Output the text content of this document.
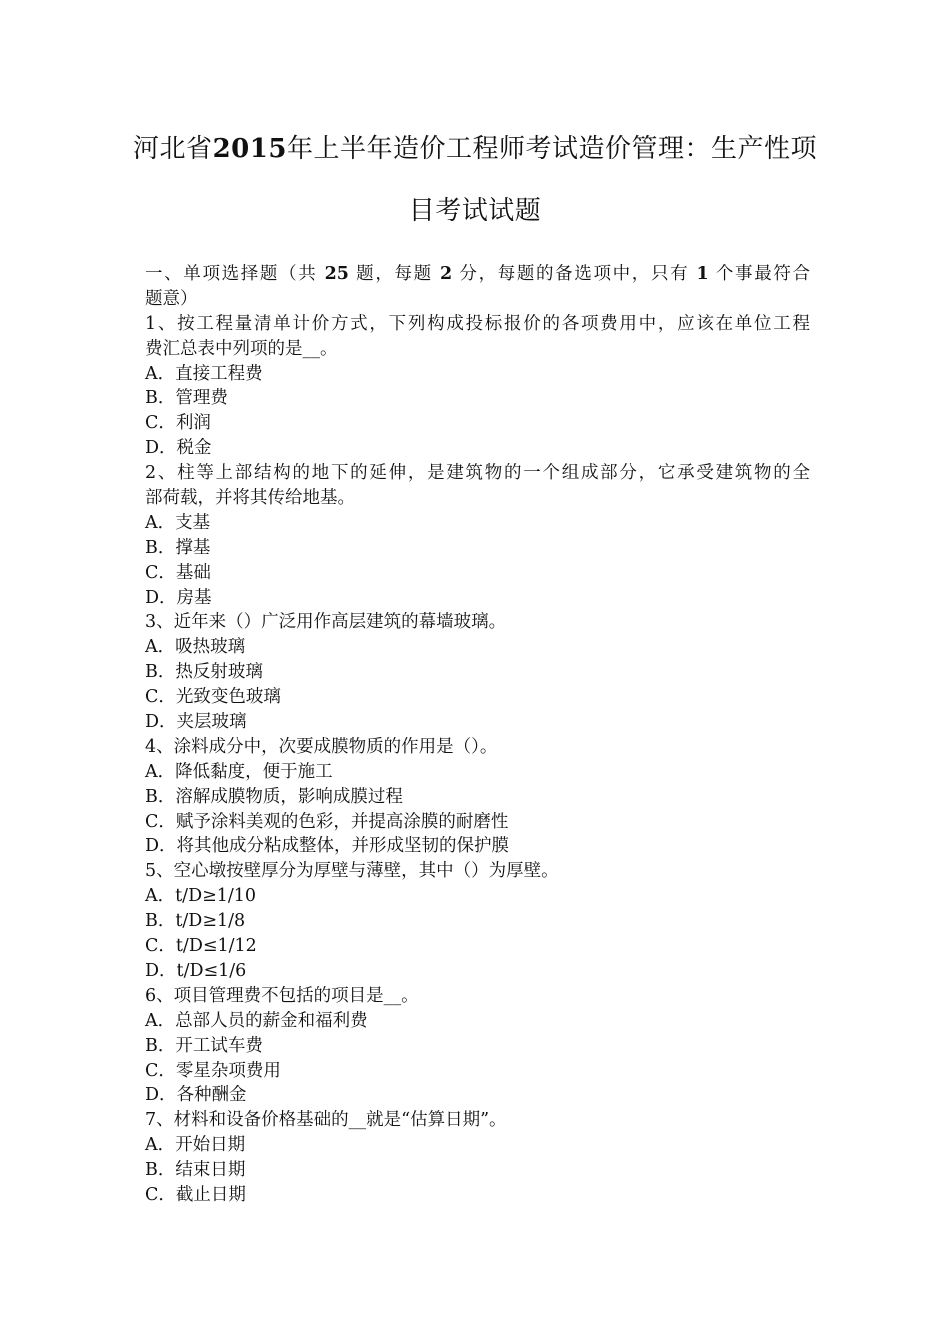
河北省2015年上半年造价工程师考试造价管理：生产性项
目考试试题
一、单项选择题（共 25 题，每题 2 分，每题的备选项中，只有 1 个事最符合
题意）
1、按工程量清单计价方式，下列构成投标报价的各项费用中，应该在单位工程
费汇总表中列项的是__。
A．直接工程费
B．管理费
C．利润
D．税金
2、柱等上部结构的地下的延伸，是建筑物的一个组成部分，它承受建筑物的全
部荷载，并将其传给地基。
A．支基
B．撑基
C．基础
D．房基
3、近年来（）广泛用作高层建筑的幕墙玻璃。
A．吸热玻璃
B．热反射玻璃
C．光致变色玻璃
D．夹层玻璃
4、涂料成分中，次要成膜物质的作用是（）。
A．降低黏度，便于施工
B．溶解成膜物质，影响成膜过程
C．赋予涂料美观的色彩，并提高涂膜的耐磨性
D．将其他成分粘成整体，并形成坚韧的保护膜
5、空心墩按壁厚分为厚壁与薄壁，其中（）为厚壁。
A．t/D≥1/10
B．t/D≥1/8
C．t/D≤1/12
D．t/D≤1/6
6、项目管理费不包括的项目是__。
A．总部人员的薪金和福利费
B．开工试车费
C．零星杂项费用
D．各种酬金
7、材料和设备价格基础的__就是“估算日期”。
A．开始日期
B．结束日期
C．截止日期
